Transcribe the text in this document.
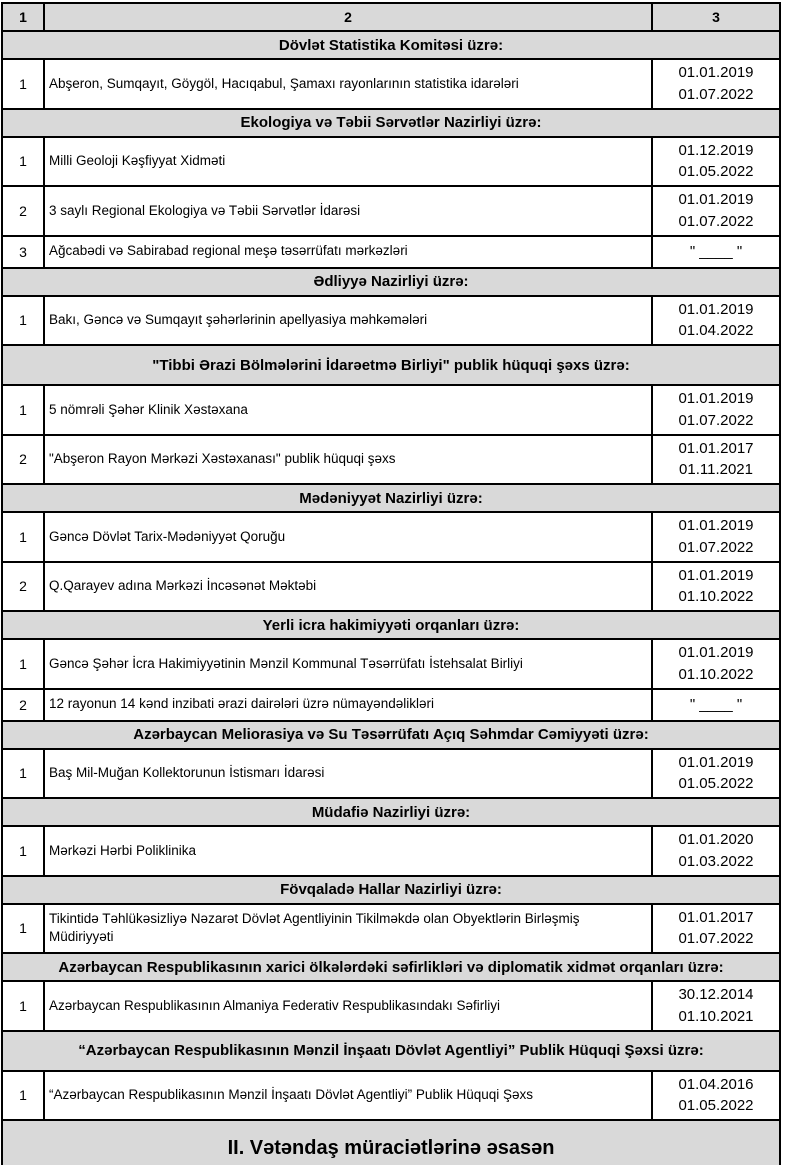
1	2	3
Dövlət Statistika Komitəsi üzrə:		
1	Abşeron, Sumqayıt, Göygöl, Hacıqabul, Şamaxı rayonlarının statistika idarələri	01.01.2019
01.07.2022

Ekologiya və Təbii Sərvətlər Nazirliyi üzrə:		
1	Milli Geoloji Kəşfiyyat Xidməti	01.12.2019
01.05.2022

2	3 saylı Regional Ekologiya və Təbii Sərvətlər İdarəsi	01.01.2019
01.07.2022

3	Ağcabədi və Sabirabad regional meşə təsərrüfatı mərkəzləri	" ____ "

Ədliyyə Nazirliyi üzrə:		
1	Bakı, Gəncə və Sumqayıt şəhərlərinin apellyasiya məhkəmələri	01.01.2019
01.04.2022

"Tibbi Ərazi Bölmələrini İdarəetmə Birliyi" publik hüquqi şəxs üzrə:		
1	5 nömrəli Şəhər Klinik Xəstəxana	01.01.2019
01.07.2022

2	"Abşeron Rayon Mərkəzi Xəstəxanası" publik hüquqi şəxs	01.01.2017
01.11.2021

Mədəniyyət Nazirliyi üzrə:		
1	Gəncə Dövlət Tarix-Mədəniyyət Qoruğu	01.01.2019
01.07.2022

2	Q.Qarayev adına Mərkəzi İncəsənət Məktəbi	01.01.2019
01.10.2022

Yerli icra hakimiyyəti orqanları üzrə:		
1	Gəncə Şəhər İcra Hakimiyyətinin Mənzil Kommunal Təsərrüfatı İstehsalat Birliyi	01.01.2019
01.10.2022

2	12 rayonun 14 kənd inzibati ərazi dairələri üzrə nümayəndəlikləri	" ____ "

Azərbaycan Meliorasiya və Su Təsərrüfatı Açıq Səhmdar Cəmiyyəti üzrə:		
1	Baş Mil-Muğan Kollektorunun İstismarı İdarəsi	01.01.2019
01.05.2022

Müdafiə Nazirliyi üzrə:		
1	Mərkəzi Hərbi Poliklinika	01.01.2020
01.03.2022

Fövqaladə Hallar Nazirliyi üzrə:		
1	Tikintidə Təhlükəsizliyə Nəzarət Dövlət Agentliyinin Tikilməkdə olan Obyektlərin Birləşmiş Müdiriyyəti	01.01.2017
01.07.2022

Azərbaycan Respublikasının xarici ölkələrdəki səfirlikləri və diplomatik xidmət orqanları üzrə:		
1	Azərbaycan Respublikasının Almaniya Federativ Respublikasındakı Səfirliyi	30.12.2014
01.10.2021

“Azərbaycan Respublikasının Mənzil İnşaatı Dövlət Agentliyi” Publik Hüquqi Şəxsi üzrə:		
1	“Azərbaycan Respublikasının Mənzil İnşaatı Dövlət Agentliyi” Publik Hüquqi Şəxs	01.04.2016
01.05.2022

II. Vətəndaş müraciətlərinə əsasən		
